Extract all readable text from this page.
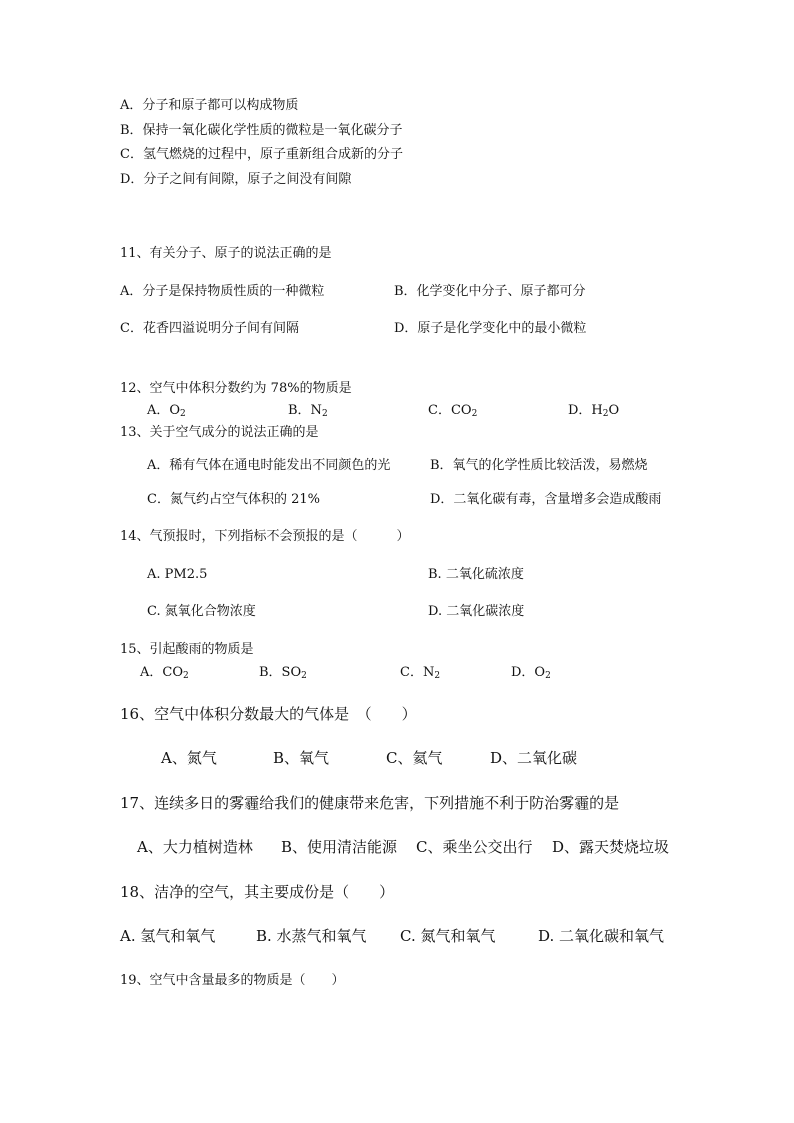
A．分子和原子都可以构成物质
B．保持一氧化碳化学性质的微粒是一氧化碳分子
C．氢气燃烧的过程中，原子重新组合成新的分子
D．分子之间有间隙，原子之间没有间隙
11、有关分子、原子的说法正确的是
A．分子是保持物质性质的一种微粒	B．化学变化中分子、原子都可分
C．花香四溢说明分子间有间隔	D．原子是化学变化中的最小微粒
12、空气中体积分数约为 78%的物质是
A．$O_2$	B．$N_2$	C．$CO_2$	D．$H_2O$
13、关于空气成分的说法正确的是
A．稀有气体在通电时能发出不同颜色的光	B．氧气的化学性质比较活泼，易燃烧
C．氮气约占空气体积的 21%	D．二氧化碳有毒，含量增多会造成酸雨
14、气预报时，下列指标不会预报的是（　　　）
A. PM2.5	B. 二氧化硫浓度
C. 氮氧化合物浓度	D. 二氧化碳浓度
15、引起酸雨的物质是
A．$CO_2$	B．$SO_2$	C．$N_2$	D．$O_2$
16、空气中体积分数最大的气体是　（　　）
A、氮气	B、氧气	C、氦气	D、二氧化碳
17、连续多日的雾霾给我们的健康带来危害，下列措施不利于防治雾霾的是
A、大力植树造林 B、使用清洁能源 C、乘坐公交出行 D、露天焚烧垃圾
18、洁净的空气，其主要成份是（　　）
A. 氢气和氧气	B. 水蒸气和氧气 C. 氮气和氧气	D. 二氧化碳和氧气
19、空气中含量最多的物质是（　　）
